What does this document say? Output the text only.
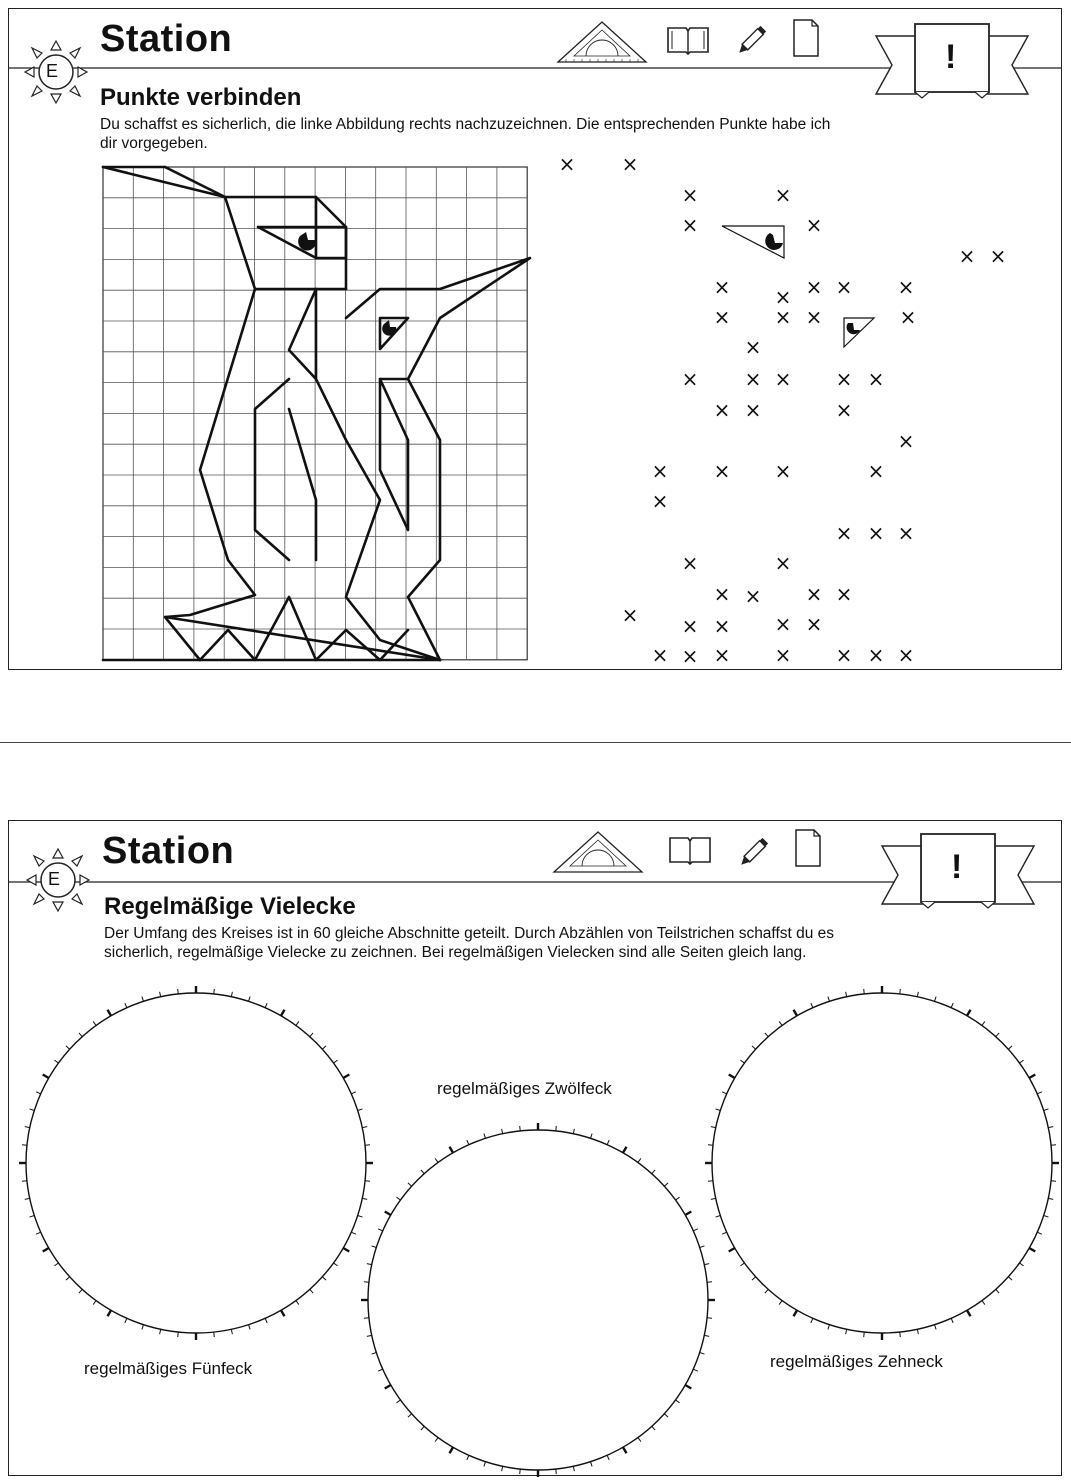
E
Station
Punkte verbinden
!
Du schaffst es sicherlich, die linke Abbildung rechts nachzuzeichnen. Die entsprechenden Punkte habe ich
dir vorgegeben.
× ×
×	×
×	×
× ×
× × × × ×
× × ×	×
×
× × × × ×
× ×	×
×
× × ×	×
×
× × ×
×	×
× × × ×
× × × × ×
× × × × × × ×
E
Station
Regelmäßige Vielecke
!
Der Umfang des Kreises ist in 60 gleiche Abschnitte geteilt. Durch Abzählen von Teilstrichen schaffst du es
sicherlich, regelmäßige Vielecke zu zeichnen. Bei regelmäßigen Vielecken sind alle Seiten gleich lang.
regelmäßiges Fünfeck
regelmäßiges Zwölfeck
regelmäßiges Zehneck
